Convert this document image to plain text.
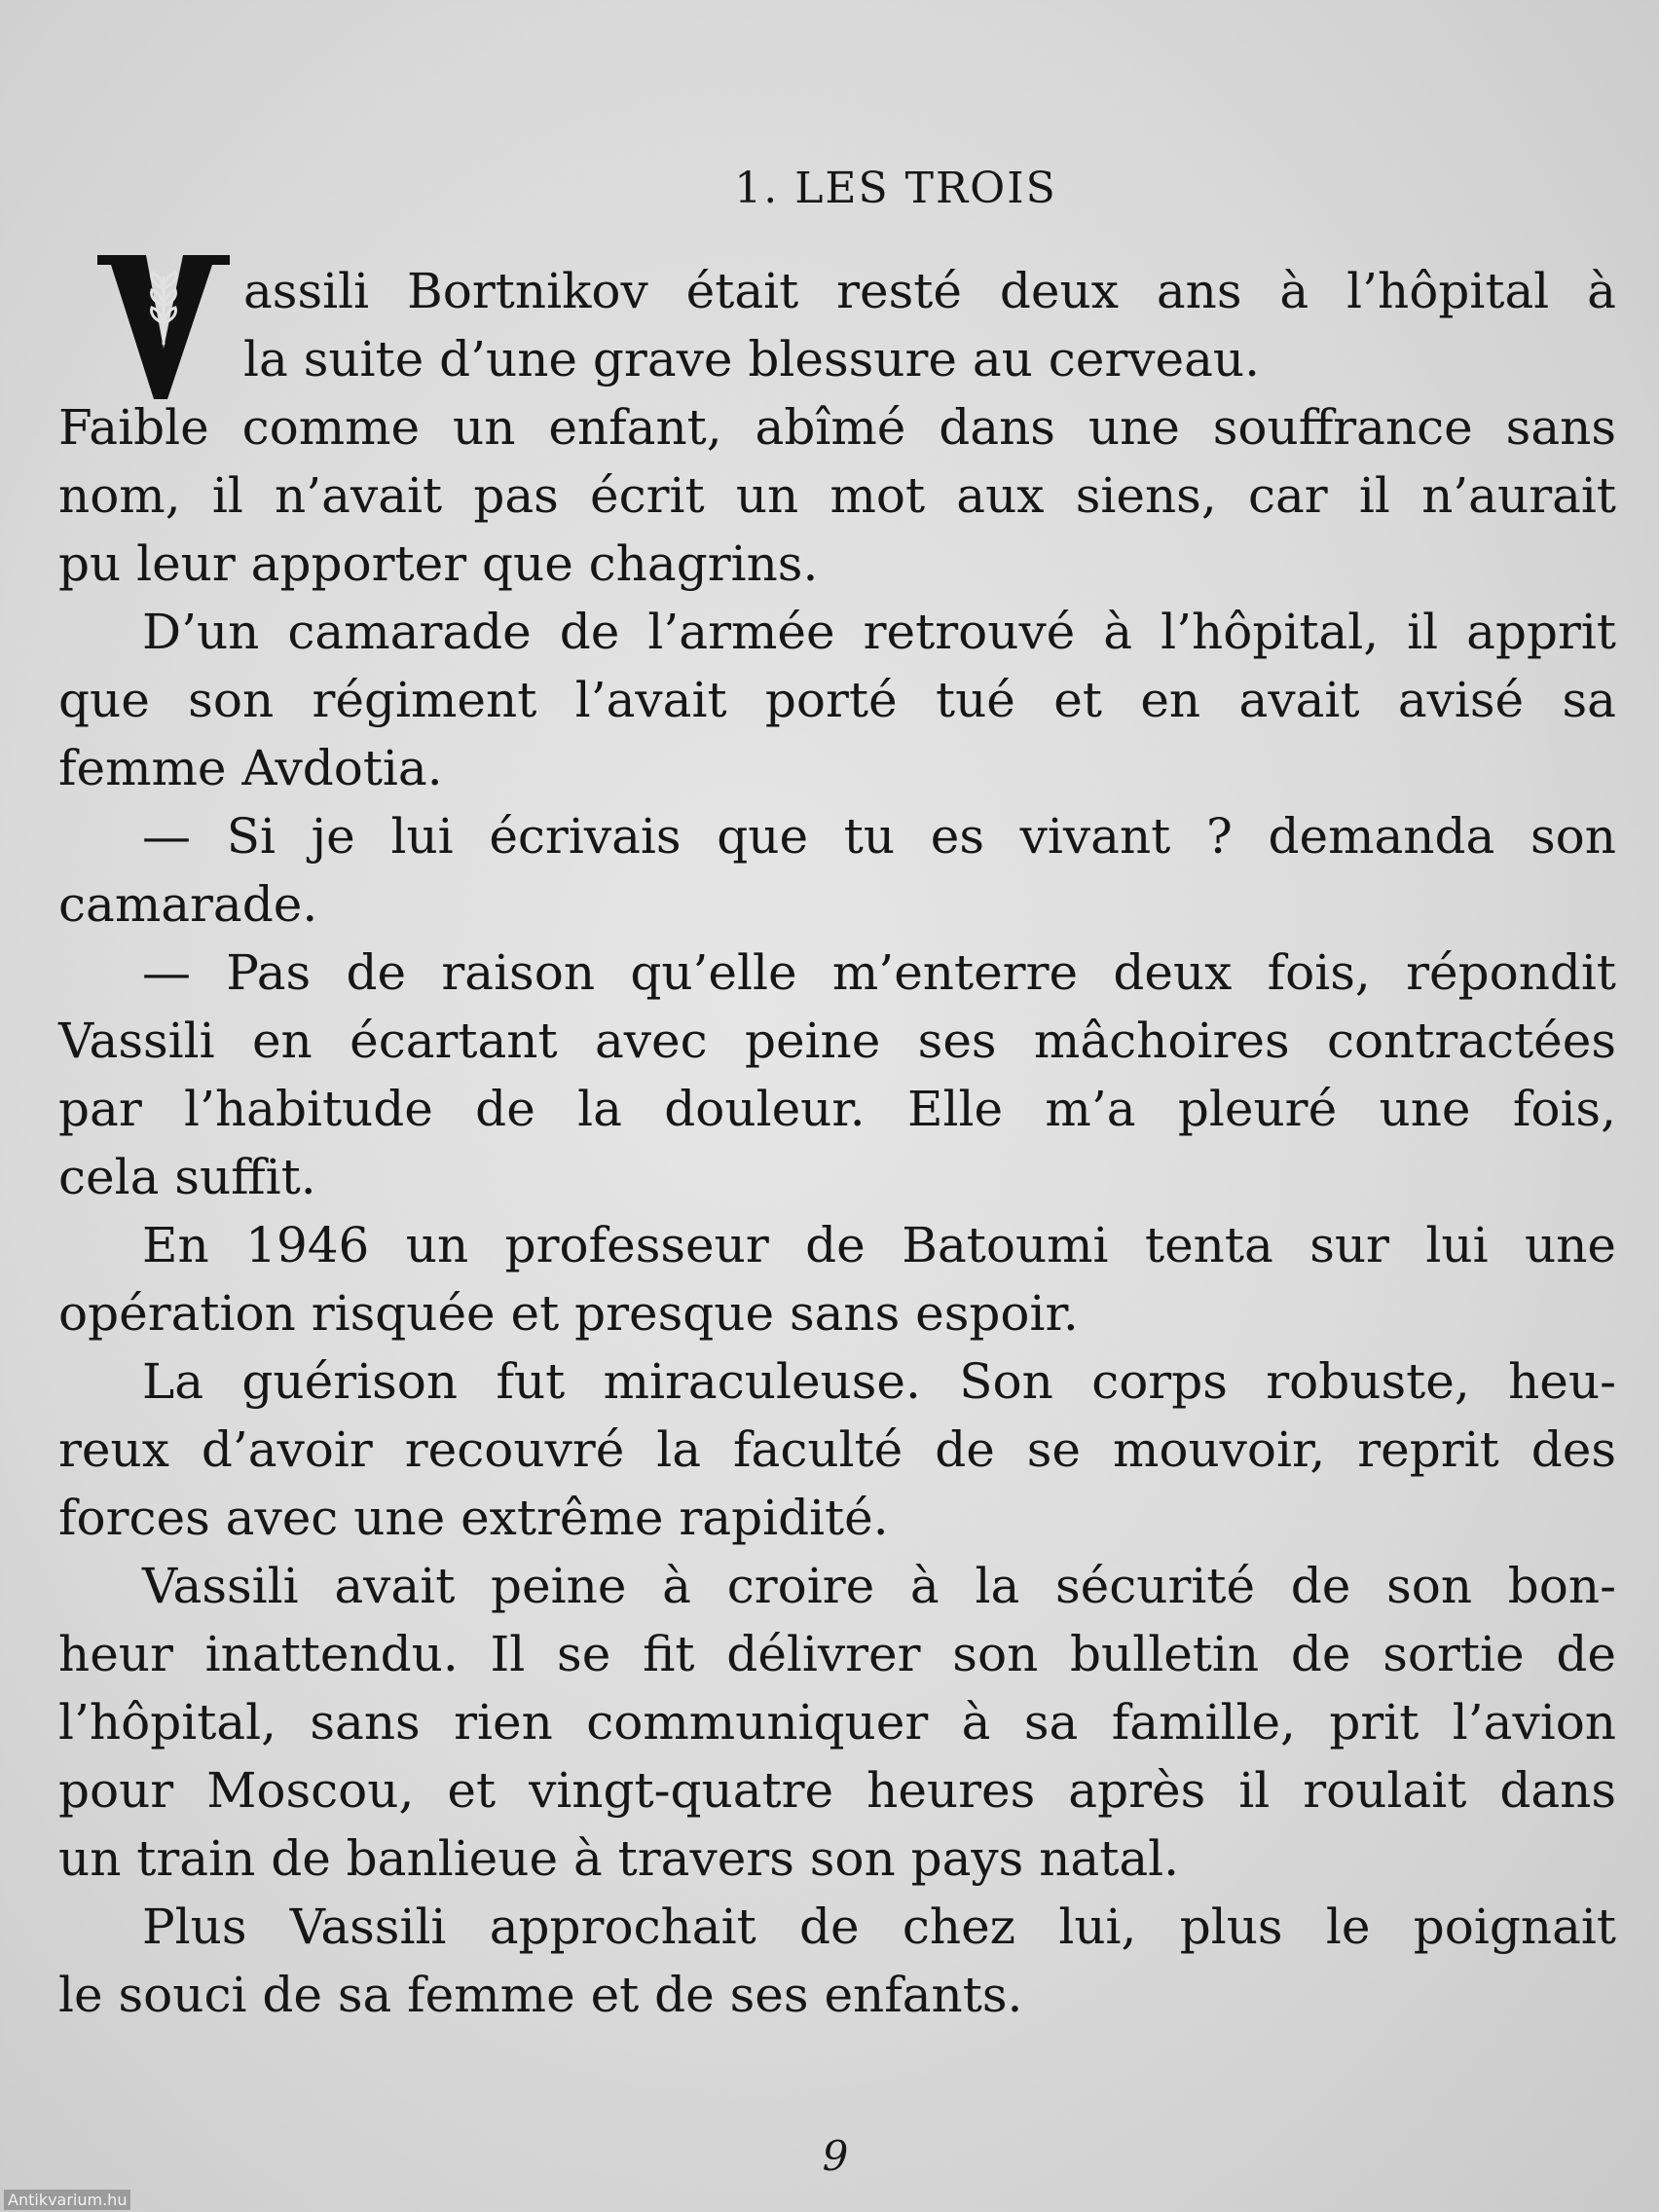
1. LES TROIS

assili Bortnikov était resté deux ans à l’hôpital à
la suite d’une grave blessure au cerveau.
Faible comme un enfant, abîmé dans une souffrance sans
nom, il n’avait pas écrit un mot aux siens, car il n’aurait
pu leur apporter que chagrins.

D’un camarade de l’armée retrouvé à l’hôpital, il apprit
que son régiment l’avait porté tué et en avait avisé sa
femme Avdotia.

— Si je lui écrivais que tu es vivant ? demanda son
camarade.

— Pas de raison qu’elle m’enterre deux fois, répondit
Vassili en écartant avec peine ses mâchoires contractées
par l’habitude de la douleur. Elle m’a pleuré une fois,
cela suffit.

En 1946 un professeur de Batoumi tenta sur lui une
opération risquée et presque sans espoir.

La guérison fut miraculeuse. Son corps robuste, heu-
reux d’avoir recouvré la faculté de se mouvoir, reprit des
forces avec une extrême rapidité.

Vassili avait peine à croire à la sécurité de son bon-
heur inattendu. Il se fit délivrer son bulletin de sortie de
l’hôpital, sans rien communiquer à sa famille, prit l’avion
pour Moscou, et vingt-quatre heures après il roulait dans
un train de banlieue à travers son pays natal.

Plus Vassili approchait de chez lui, plus le poignait
le souci de sa femme et de ses enfants.

9
Antikvarium.hu
